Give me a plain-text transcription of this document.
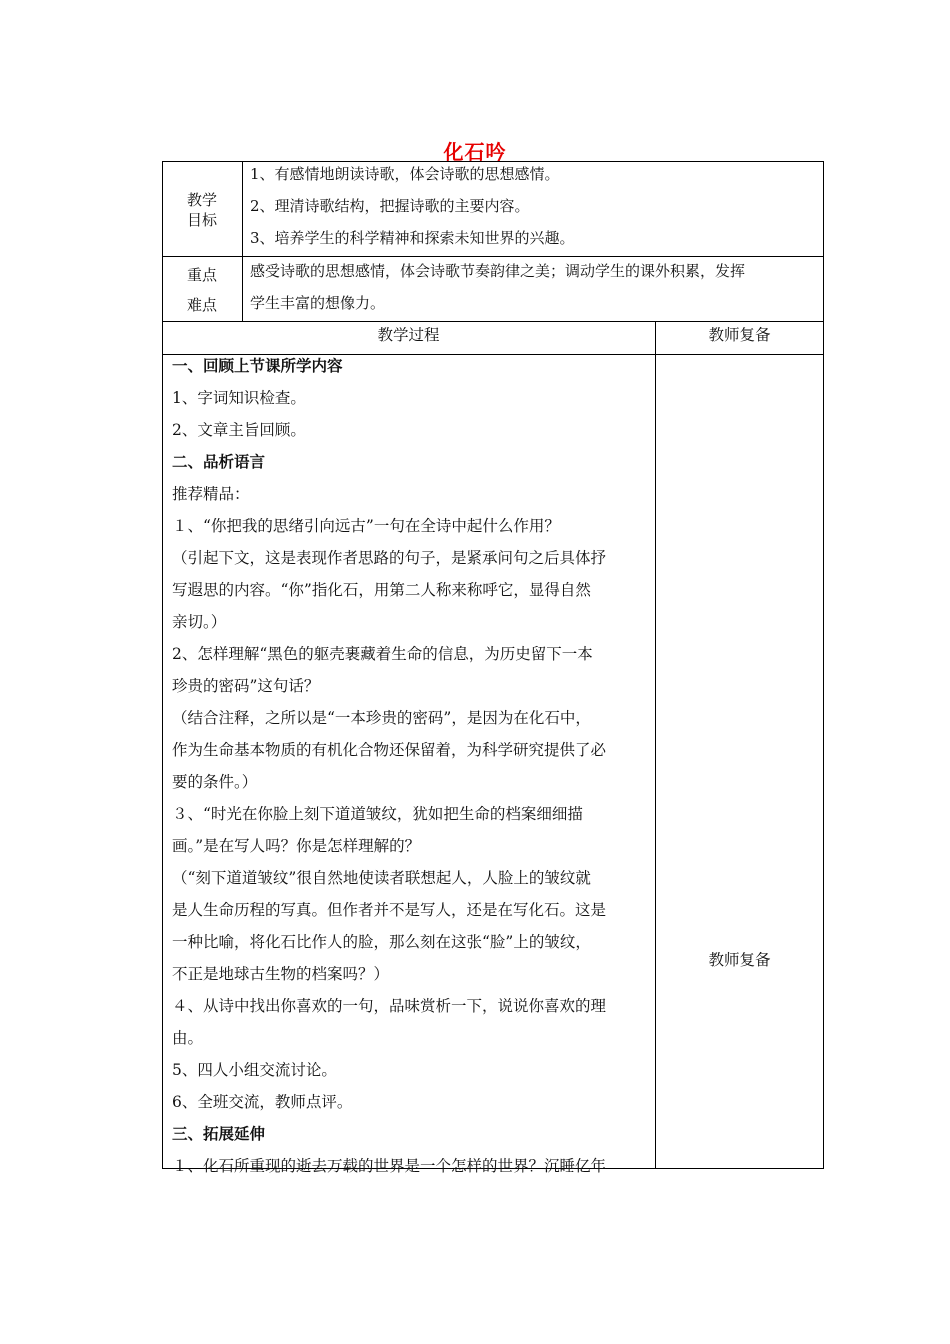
化石吟
教学
目标
1、有感情地朗读诗歌，体会诗歌的思想感情。
2、理清诗歌结构，把握诗歌的主要内容。
3、培养学生的科学精神和探索未知世界的兴趣。
重点
难点
感受诗歌的思想感情，体会诗歌节奏韵律之美；调动学生的课外积累，发挥
学生丰富的想像力。
教学过程	教师复备
一、回顾上节课所学内容
1、字词知识检查。
2、文章主旨回顾。
二、品析语言
推荐精品：
１、“你把我的思绪引向远古”一句在全诗中起什么作用？
（引起下文，这是表现作者思路的句子，是紧承问句之后具体抒
写遐思的内容。“你”指化石，用第二人称来称呼它，显得自然
亲切。）
2、怎样理解“黑色的躯壳裹藏着生命的信息，为历史留下一本
珍贵的密码”这句话？
（结合注释，之所以是“一本珍贵的密码”，是因为在化石中，
作为生命基本物质的有机化合物还保留着，为科学研究提供了必
要的条件。）
３、“时光在你脸上刻下道道皱纹，犹如把生命的档案细细描
画。”是在写人吗？你是怎样理解的？
（“刻下道道皱纹”很自然地使读者联想起人，人脸上的皱纹就
是人生命历程的写真。但作者并不是写人，还是在写化石。这是
一种比喻，将化石比作人的脸，那么刻在这张“脸”上的皱纹，
不正是地球古生物的档案吗？）
４、从诗中找出你喜欢的一句，品味赏析一下，说说你喜欢的理
由。
5、四人小组交流讨论。
6、全班交流，教师点评。
三、拓展延伸
１、化石所重现的逝去万载的世界是一个怎样的世界？沉睡亿年
教师复备
